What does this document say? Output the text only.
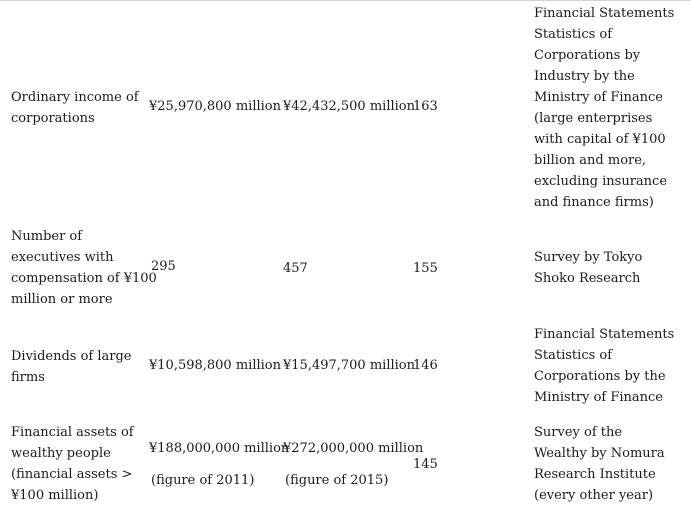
Ordinary income of
corporations
¥25,970,800 million ¥42,432,500 million
163
Financial Statements
Statistics of
Corporations by
Industry by the
Ministry of Finance
(large enterprises
with capital of ¥100
billion and more,
excluding insurance
and finance firms)
Number of
executives with
compensation of ¥100
million or more
295	457	155
Survey by Tokyo
Shoko Research
Dividends of large
firms
¥10,598,800 million ¥15,497,700 million
146
Financial Statements
Statistics of
Corporations by the
Ministry of Finance
Financial assets of
wealthy people
(financial assets >
¥100 million)
¥188,000,000 million
(figure of 2011)
¥272,000,000 million
(figure of 2015)
145
Survey of the
Wealthy by Nomura
Research Institute
(every other year)
